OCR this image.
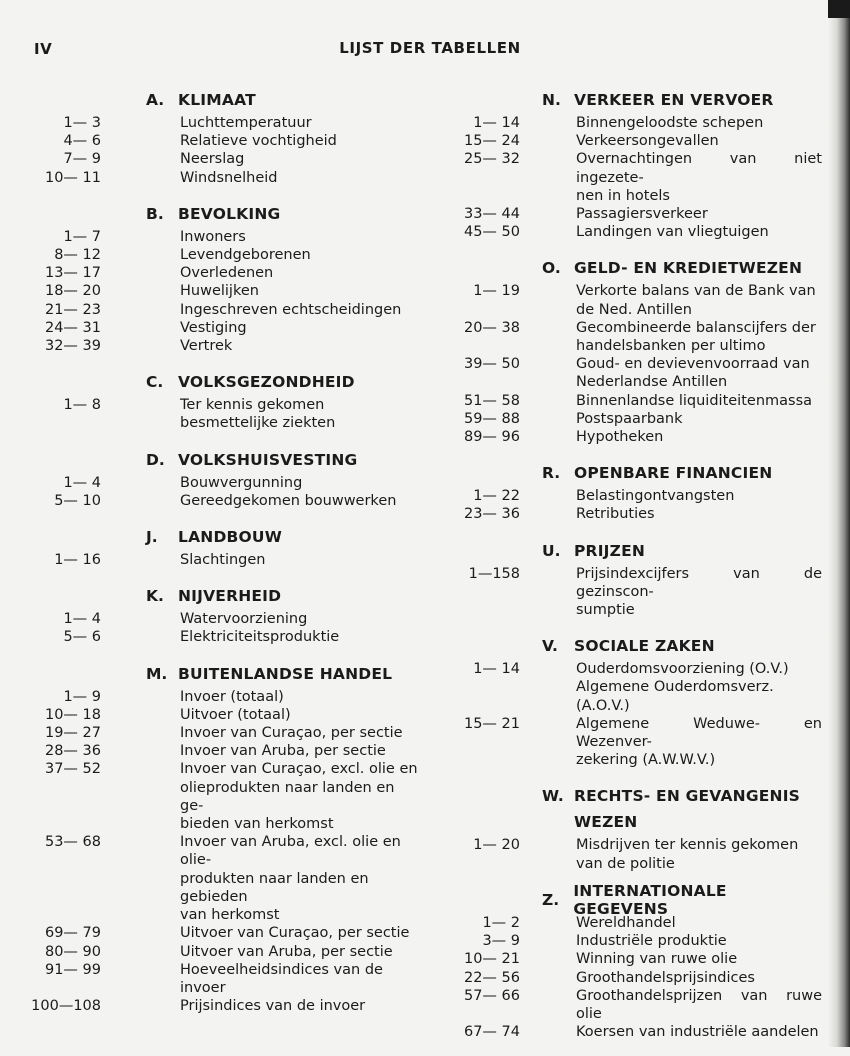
IV	LIJST DER TABELLEN
A. KLIMAAT
1— 3	Luchttemperatuur
4— 6	Relatieve vochtigheid
7— 9	Neerslag
10— 11	Windsnelheid
B. BEVOLKING
1— 7	Inwoners
8— 12	Levendgeborenen
13— 17	Overledenen
18— 20	Huwelijken
21— 23	Ingeschreven echtscheidingen
24— 31	Vestiging
32— 39	Vertrek
C. VOLKSGEZONDHEID
1— 8	Ter kennis gekomen
besmettelijke ziekten
D. VOLKSHUISVESTING
1— 4	Bouwvergunning
5— 10	Gereedgekomen bouwwerken
J.	LANDBOUW
1— 16	Slachtingen
K. NIJVERHEID
1— 4	Watervoorziening
5— 6	Elektriciteitsproduktie
M. BUITENLANDSE HANDEL
1— 9	Invoer (totaal)
10— 18	Uitvoer (totaal)
19— 27	Invoer van Curaçao, per sectie
28— 36	Invoer van Aruba, per sectie
37— 52	Invoer van Curaçao, excl. olie en
olieprodukten naar landen en ge-
bieden van herkomst
53— 68	Invoer van Aruba, excl. olie en olie-
produkten naar landen en gebieden
van herkomst
69— 79	Uitvoer van Curaçao, per sectie
80— 90	Uitvoer van Aruba, per sectie
91— 99	Hoeveelheidsindices van de invoer
100—108	Prijsindices van de invoer
N. VERKEER EN VERVOER
1— 14	Binnengeloodste schepen
15— 24	Verkeersongevallen
25— 32	Overnachtingen van niet ingezete-
nen in hotels
33— 44	Passagiersverkeer
45— 50	Landingen van vliegtuigen
O. GELD- EN KREDIETWEZEN
1— 19	Verkorte balans van de Bank van
de Ned. Antillen
20— 38	Gecombineerde balanscijfers der
handelsbanken per ultimo
39— 50	Goud- en devievenvoorraad van
Nederlandse Antillen
51— 58	Binnenlandse liquiditeitenmassa
59— 88	Postspaarbank
89— 96	Hypotheken
R. OPENBARE FINANCIEN
1— 22	Belastingontvangsten
23— 36	Retributies
U. PRIJZEN
1—158	Prijsindexcijfers van de gezinscon-
sumptie
V.	SOCIALE ZAKEN
1— 14	Ouderdomsvoorziening (O.V.)
Algemene Ouderdomsverz.
(A.O.V.)
15— 21	Algemene Weduwe- en Wezenver-
zekering (A.W.W.V.)
W. RECHTS- EN GEVANGENIS
WEZEN
1— 20	Misdrijven ter kennis gekomen
van de politie
Z. INTERNATIONALE GEGEVENS
1— 2	Wereldhandel
3— 9	Industriële produktie
10— 21	Winning van ruwe olie
22— 56	Groothandelsprijsindices
57— 66	Groothandelsprijzen van ruwe olie
67— 74	Koersen van industriële aandelen
